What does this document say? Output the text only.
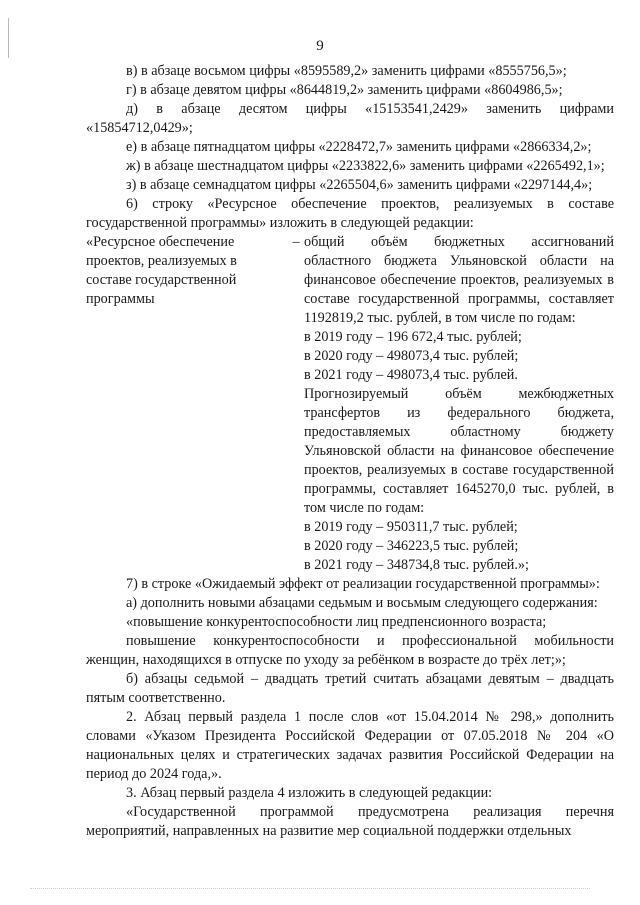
9

в) в абзаце восьмом цифры «8595589,2» заменить цифрами «8555756,5»;

г) в абзаце девятом цифры «8644819,2» заменить цифрами «8604986,5»;

д) в абзаце десятом цифры «15153541,2429» заменить цифрами «15854712,0429»;

е) в абзаце пятнадцатом цифры «2228472,7» заменить цифрами «2866334,2»;

ж) в абзаце шестнадцатом цифры «2233822,6» заменить цифрами «2265492,1»;

з) в абзаце семнадцатом цифры «2265504,6» заменить цифрами «2297144,4»;

6) строку «Ресурсное обеспечение проектов, реализуемых в составе государственной программы» изложить в следующей редакции:

«Ресурсное обеспечение проектов, реализуемых в составе государственной программы
– общий объём бюджетных ассигнований областного бюджета Ульяновской области на финансовое обеспечение проектов, реализуемых в составе государственной программы, составляет 1192819,2 тыс. рублей, в том числе по годам:

в 2019 году – 196 672,4 тыс. рублей;

в 2020 году – 498073,4 тыс. рублей;

в 2021 году – 498073,4 тыс. рублей.

Прогнозируемый объём межбюджетных трансфертов из федерального бюджета, предоставляемых областному бюджету Ульяновской области на финансовое обеспечение проектов, реализуемых в составе государственной программы, составляет 1645270,0 тыс. рублей, в том числе по годам:

в 2019 году – 950311,7 тыс. рублей;

в 2020 году – 346223,5 тыс. рублей;

в 2021 году – 348734,8 тыс. рублей.»;

7) в строке «Ожидаемый эффект от реализации государственной программы»:

а) дополнить новыми абзацами седьмым и восьмым следующего содержания:

«повышение конкурентоспособности лиц предпенсионного возраста;

повышение конкурентоспособности и профессиональной мобильности женщин, находящихся в отпуске по уходу за ребёнком в возрасте до трёх лет;»;

б) абзацы седьмой – двадцать третий считать абзацами девятым – двадцать пятым соответственно.

2. Абзац первый раздела 1 после слов «от 15.04.2014 № 298,» дополнить словами «Указом Президента Российской Федерации от 07.05.2018 № 204 «О национальных целях и стратегических задачах развития Российской Федерации на период до 2024 года,».

3. Абзац первый раздела 4 изложить в следующей редакции:

«Государственной программой предусмотрена реализация перечня мероприятий, направленных на развитие мер социальной поддержки отдельных
